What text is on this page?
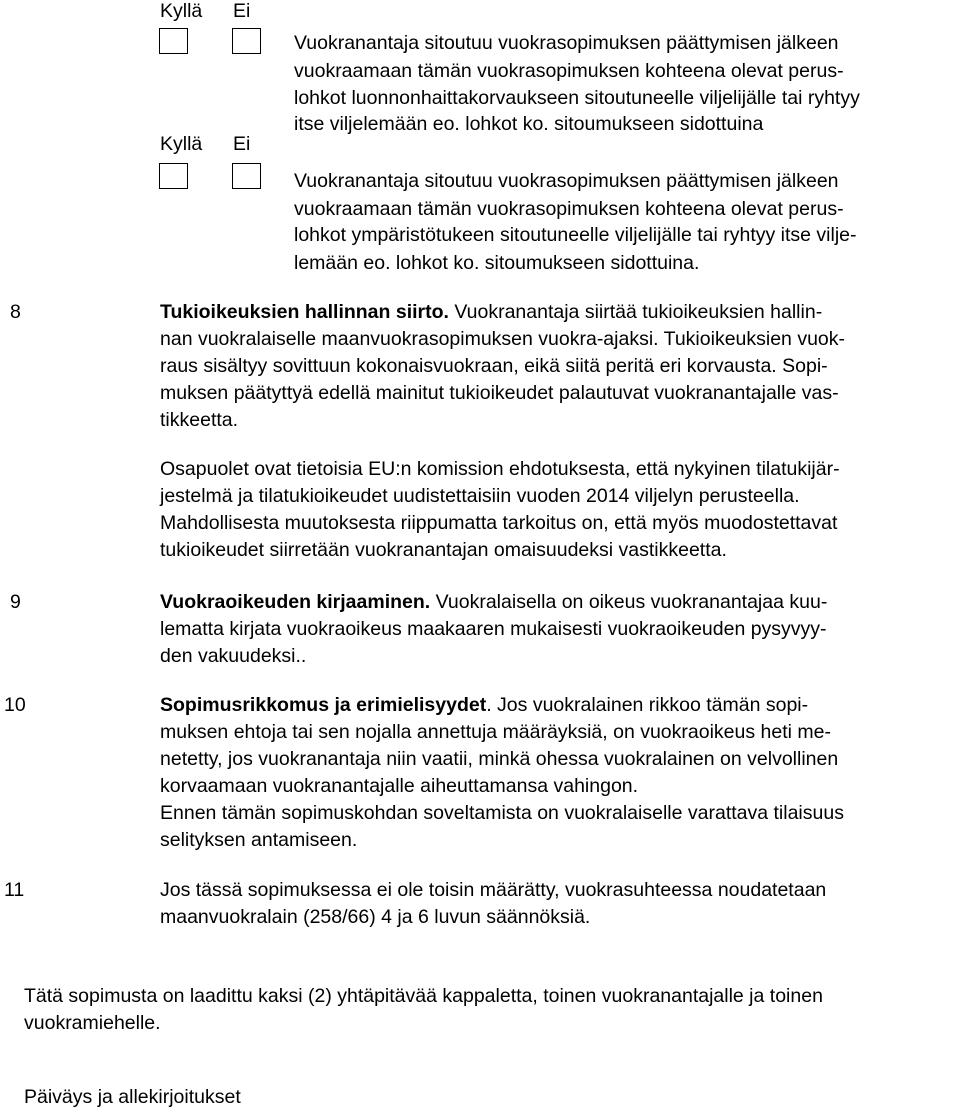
Kyllä Ei
Vuokranantaja sitoutuu vuokrasopimuksen päättymisen jälkeen
vuokraamaan tämän vuokrasopimuksen kohteena olevat perus-
lohkot luonnonhaittakorvaukseen sitoutuneelle viljelijälle tai ryhtyy
itse viljelemään eo. lohkot ko. sitoumukseen sidottuina
Kyllä Ei
Vuokranantaja sitoutuu vuokrasopimuksen päättymisen jälkeen
vuokraamaan tämän vuokrasopimuksen kohteena olevat perus-
lohkot ympäristötukeen sitoutuneelle viljelijälle tai ryhtyy itse vilje-
lemään eo. lohkot ko. sitoumukseen sidottuina.
8	Tukioikeuksien hallinnan siirto. Vuokranantaja siirtää tukioikeuksien hallin-
nan vuokralaiselle maanvuokrasopimuksen vuokra-ajaksi. Tukioikeuksien vuok-
raus sisältyy sovittuun kokonaisvuokraan, eikä siitä peritä eri korvausta. Sopi-
muksen päätyttyä edellä mainitut tukioikeudet palautuvat vuokranantajalle vas-
tikkeetta.
Osapuolet ovat tietoisia EU:n komission ehdotuksesta, että nykyinen tilatukijär-
jestelmä ja tilatukioikeudet uudistettaisiin vuoden 2014 viljelyn perusteella.
Mahdollisesta muutoksesta riippumatta tarkoitus on, että myös muodostettavat
tukioikeudet siirretään vuokranantajan omaisuudeksi vastikkeetta.
9	Vuokraoikeuden kirjaaminen. Vuokralaisella on oikeus vuokranantajaa kuu-
lematta kirjata vuokraoikeus maakaaren mukaisesti vuokraoikeuden pysyvyy-
den vakuudeksi..
10	Sopimusrikkomus ja erimielisyydet. Jos vuokralainen rikkoo tämän sopi-
muksen ehtoja tai sen nojalla annettuja määräyksiä, on vuokraoikeus heti me-
netetty, jos vuokranantaja niin vaatii, minkä ohessa vuokralainen on velvollinen
korvaamaan vuokranantajalle aiheuttamansa vahingon.
Ennen tämän sopimuskohdan soveltamista on vuokralaiselle varattava tilaisuus
selityksen antamiseen.
11	Jos tässä sopimuksessa ei ole toisin määrätty, vuokrasuhteessa noudatetaan
maanvuokralain (258/66) 4 ja 6 luvun säännöksiä.
Tätä sopimusta on laadittu kaksi (2) yhtäpitävää kappaletta, toinen vuokranantajalle ja toinen
vuokramiehelle.
Päiväys ja allekirjoitukset
